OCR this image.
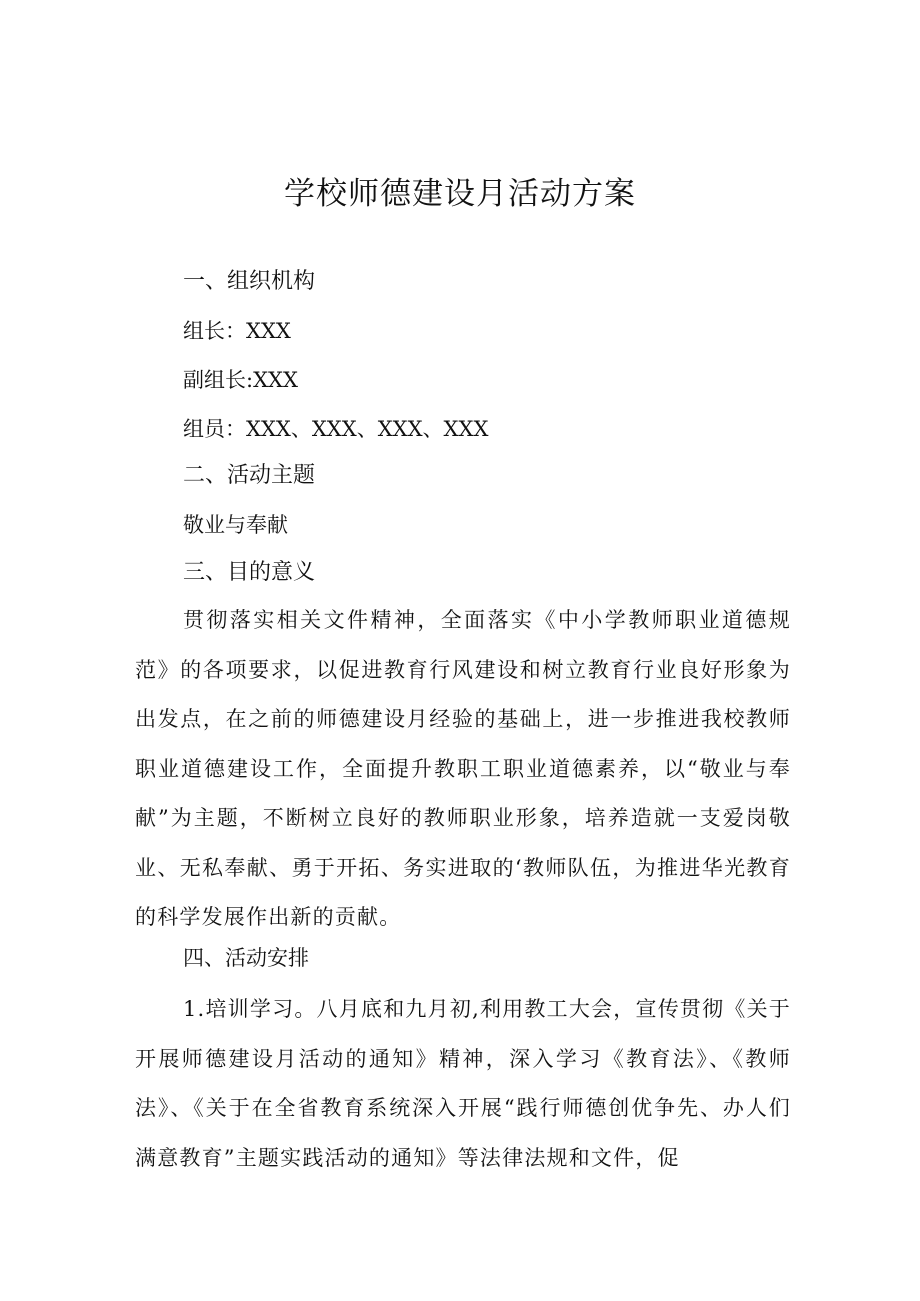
学校师德建设月活动方案
一、组织机构
组长：XXX
副组长:XXX
组员：XXX、XXX、XXX、XXX
二、活动主题
敬业与奉献
三、目的意义
贯彻落实相关文件精神，全面落实《中小学教师职业道德规范》的各项要求，以促进教育行风建设和树立教育行业良好形象为出发点，在之前的师德建设月经验的基础上，进一步推进我校教师职业道德建设工作，全面提升教职工职业道德素养，以“敬业与奉献”为主题，不断树立良好的教师职业形象，培养造就一支爱岗敬业、无私奉献、勇于开拓、务实进取的‘教师队伍，为推进华光教育的科学发展作出新的贡献。
四、活动安排
1.培训学习。八月底和九月初,利用教工大会，宣传贯彻《关于开展师德建设月活动的通知》精神，深入学习《教育法》、《教师法》、《关于在全省教育系统深入开展“践行师德创优争先、办人们满意教育”主题实践活动的通知》等法律法规和文件，促
